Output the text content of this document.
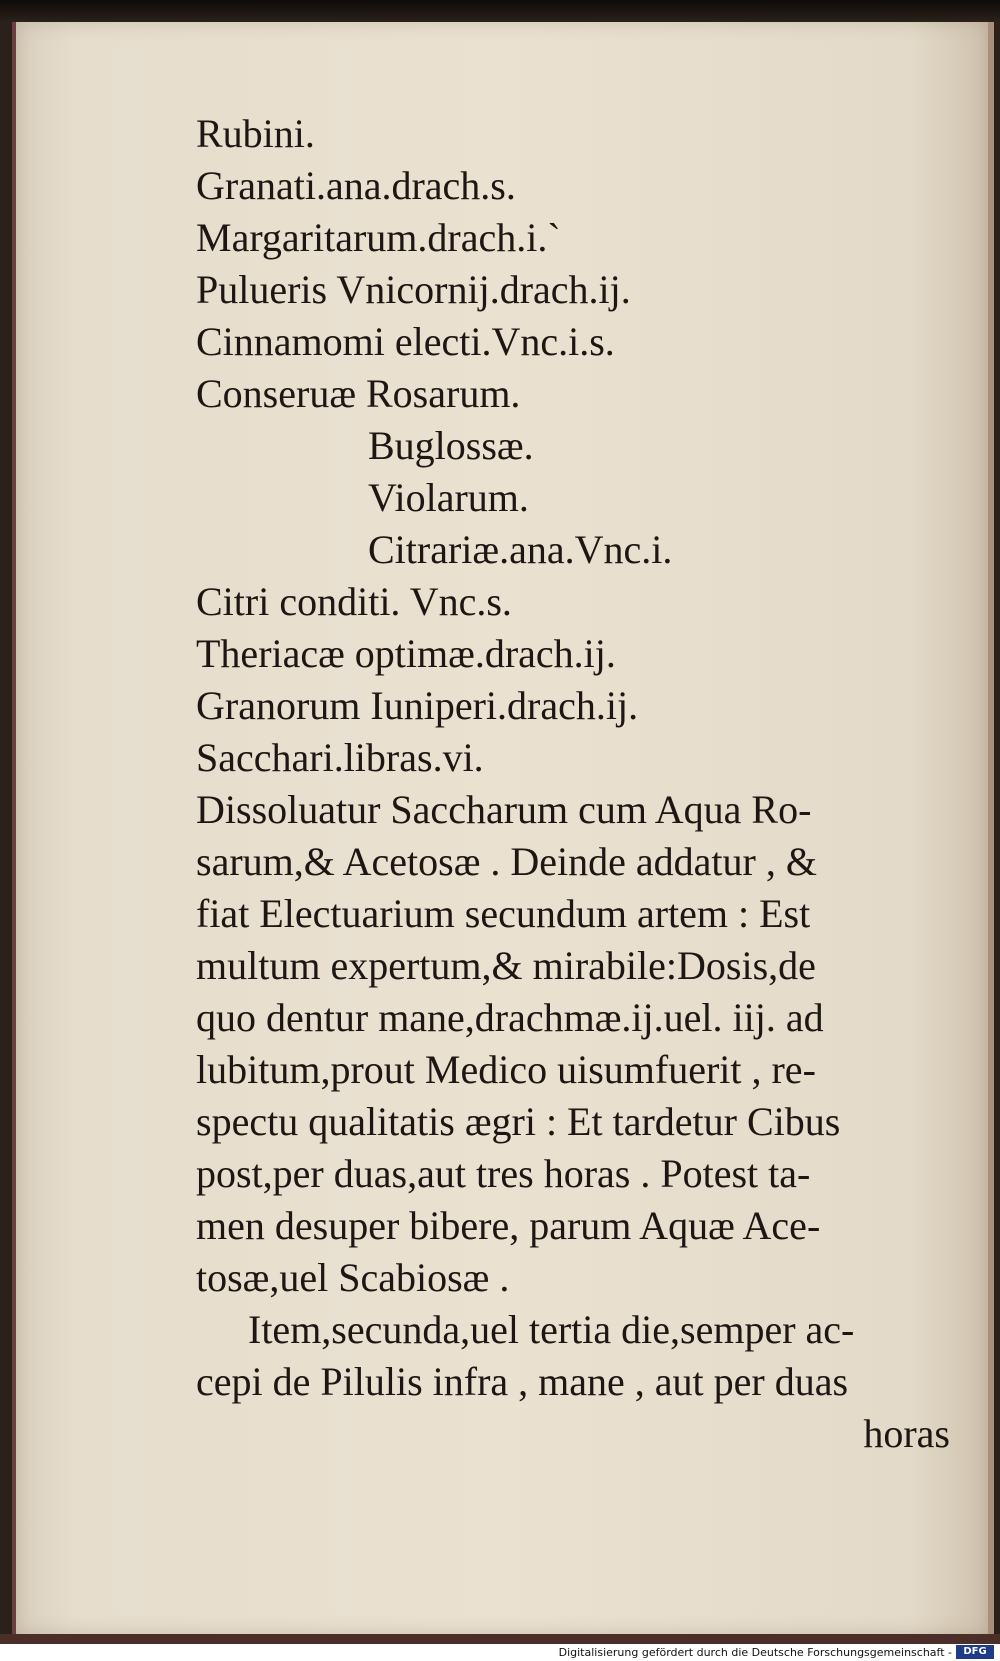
Rubini.
Granati.ana.drach.s.
Margaritarum.drach.i.`
Pulueris Vnicornij.drach.ij.
Cinnamomi electi.Vnc.i.s.
Conseruæ Rosarum.
Buglossæ.
Violarum.
Citrariæ.ana.Vnc.i.
Citri conditi. Vnc.s.
Theriacæ optimæ.drach.ij.
Granorum Iuniperi.drach.ij.
Sacchari.libras.vi.
Dissoluatur Saccharum cum Aqua Ro-
sarum,& Acetosæ . Deinde addatur , &
fiat Electuarium secundum artem : Est
multum expertum,& mirabile:Dosis,de
quo dentur mane,drachmæ.ij.uel. iij. ad
lubitum,prout Medico uisumfuerit , re-
spectu qualitatis ægri : Et tardetur Cibus
post,per duas,aut tres horas . Potest ta-
men desuper bibere, parum Aquæ Ace-
tosæ,uel Scabiosæ .
Item,secunda,uel tertia die,semper ac-
cepi de Pilulis infra , mane , aut per duas
horas
Digitalisierung gefördert durch die Deutsche Forschungsgemeinschaft -	DFG
